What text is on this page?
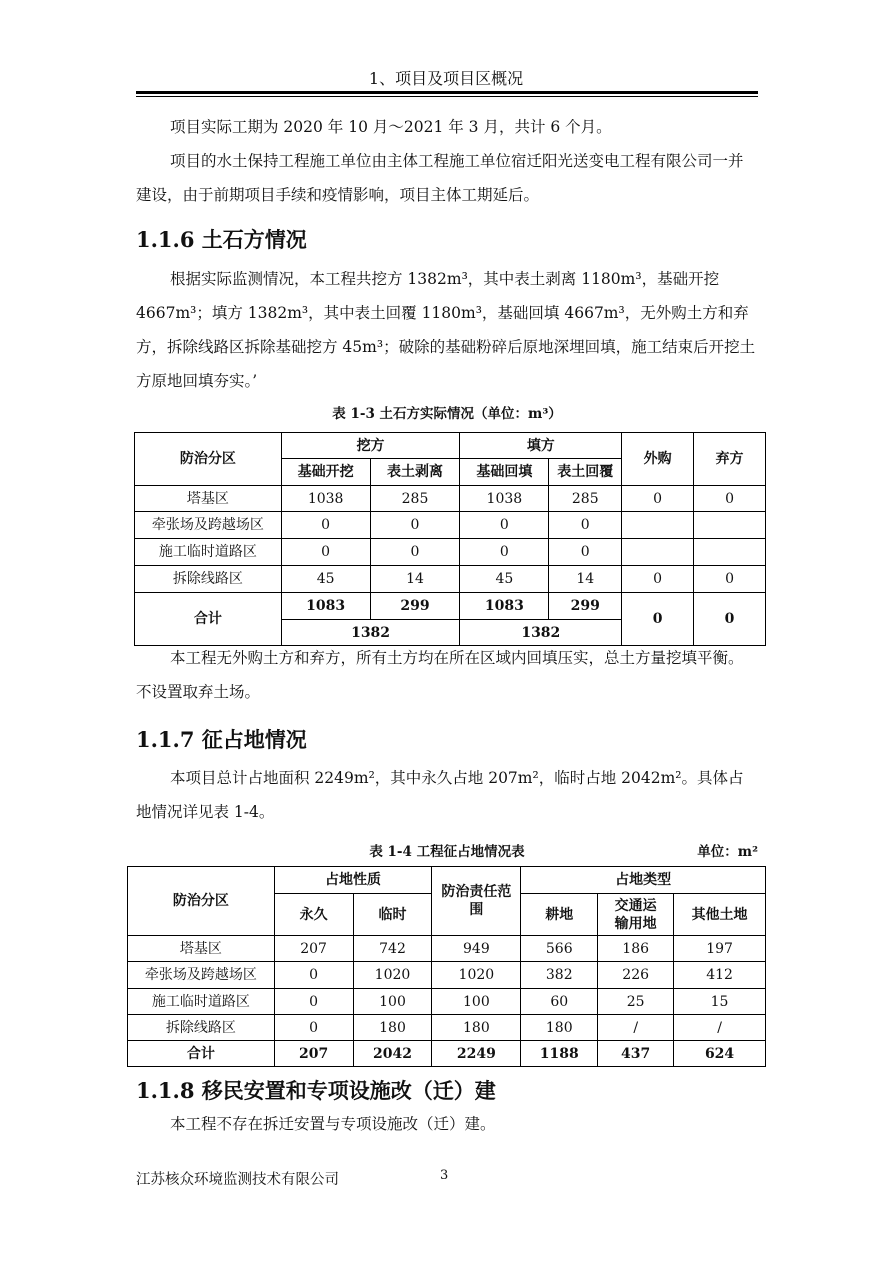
1、项目及项目区概况

项目实际工期为 2020 年 10 月～2021 年 3 月，共计 6 个月。

项目的水土保持工程施工单位由主体工程施工单位宿迁阳光送变电工程有限公司一并建设，由于前期项目手续和疫情影响，项目主体工期延后。

1.1.6 土石方情况

根据实际监测情况，本工程共挖方 1382m³，其中表土剥离 1180m³，基础开挖 4667m³；填方 1382m³，其中表土回覆 1180m³，基础回填 4667m³，无外购土方和弃方，拆除线路区拆除基础挖方 45m³；破除的基础粉碎后原地深埋回填，施工结束后开挖土方原地回填夯实。’

表 1-3 土石方实际情况（单位：m³）
防治分区	挖方		填方		外购	弃方
	基础开挖	表土剥离	基础回填	表土回覆		
塔基区	1038	285	1038	285	0	0
牵张场及跨越场区	0	0	0	0		
施工临时道路区	0	0	0	0		
拆除线路区	45	14	45	14	0	0
合计	1083	299	1083	299	0	0
	1382		1382			

本工程无外购土方和弃方，所有土方均在所在区域内回填压实，总土方量挖填平衡。不设置取弃土场。

1.1.7 征占地情况

本项目总计占地面积 2249m²，其中永久占地 207m²，临时占地 2042m²。具体占地情况详见表 1-4。

表 1-4 工程征占地情况表	单位：m²
防治分区	占地性质		防治责任范围	占地类型		
	永久	临时		耕地	交通运输用地	其他土地
塔基区	207	742	949	566	186	197
牵张场及跨越场区	0	1020	1020	382	226	412
施工临时道路区	0	100	100	60	25	15
拆除线路区	0	180	180	180	/	/
合计	207	2042	2249	1188	437	624
1.1.8 移民安置和专项设施改（迁）建

本工程不存在拆迁安置与专项设施改（迁）建。

江苏核众环境监测技术有限公司	3
